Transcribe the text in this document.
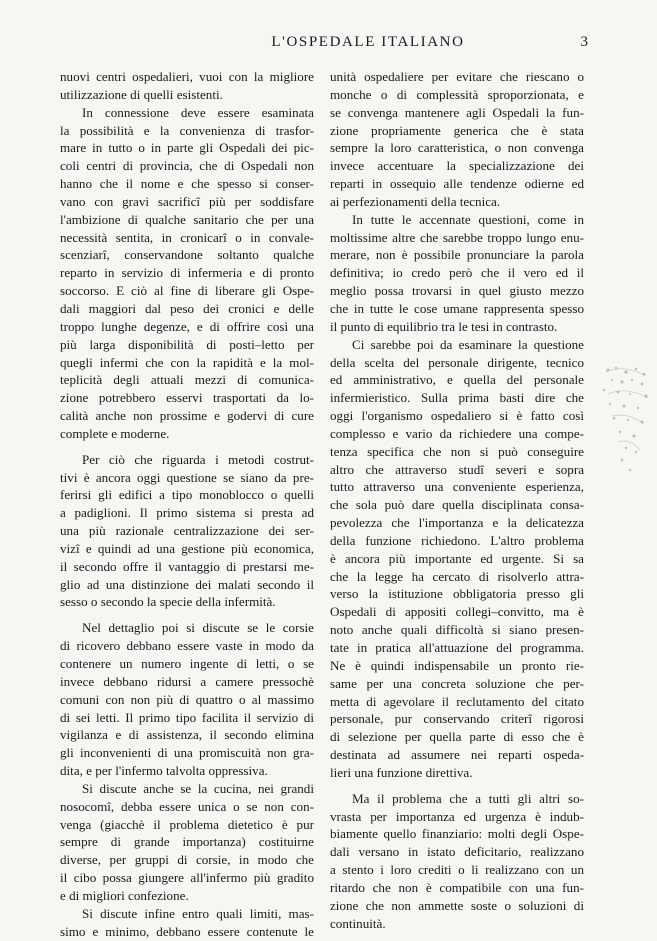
L'OSPEDALE ITALIANO	3
nuovi centri ospedalieri, vuoi con la migliore
utilizzazione di quelli esistenti.
In connessione deve essere esaminata
la possibilità e la convenienza di trasfor-
mare in tutto o in parte gli Ospedali dei pic-
coli centri di provincia, che di Ospedali non
hanno che il nome e che spesso si conser-
vano con gravi sacrificî più per soddisfare
l'ambizione di qualche sanitario che per una
necessità sentita, in cronicarî o in convale-
scenziarî, conservandone soltanto qualche
reparto in servizio di infermeria e di pronto
soccorso. E ciò al fine di liberare gli Ospe-
dali maggiori dal peso dei cronici e delle
troppo lunghe degenze, e di offrire così una
più larga disponibilità di posti–letto per
quegli infermi che con la rapidità e la mol-
teplicità degli attuali mezzi di comunica-
zione potrebbero esservi trasportati da lo-
calità anche non prossime e godervi di cure
complete e moderne.
Per ciò che riguarda i metodi costrut-
tivi è ancora oggi questione se siano da pre-
ferirsi gli edifici a tipo monoblocco o quelli
a padiglioni. Il primo sistema si presta ad
una più razionale centralizzazione dei ser-
vizî e quindi ad una gestione più economica,
il secondo offre il vantaggio di prestarsi me-
glio ad una distinzione dei malati secondo il
sesso o secondo la specie della infermità.
Nel dettaglio poi si discute se le corsie
di ricovero debbano essere vaste in modo da
contenere un numero ingente di letti, o se
invece debbano ridursi a camere pressochè
comuni con non più di quattro o al massimo
di sei letti. Il primo tipo facilita il servizio di
vigilanza e di assistenza, il secondo elimina
gli inconvenienti di una promiscuità non gra-
dita, e per l'infermo talvolta oppressiva.
Si discute anche se la cucina, nei grandi
nosocomî, debba essere unica o se non con-
venga (giacchè il problema dietetico è pur
sempre di grande importanza) costituirne
diverse, per gruppi di corsie, in modo che
il cibo possa giungere all'infermo più gradito
e di migliori confezione.
Si discute infine entro quali limiti, mas-
simo e minimo, debbano essere contenute le
unità ospedaliere per evitare che riescano o
monche o di complessità sproporzionata, e
se convenga mantenere agli Ospedali la fun-
zione propriamente generica che è stata
sempre la loro caratteristica, o non convenga
invece accentuare la specializzazione dei
reparti in ossequio alle tendenze odierne ed
ai perfezionamenti della tecnica.
In tutte le accennate questioni, come in
moltissime altre che sarebbe troppo lungo enu-
merare, non è possibile pronunciare la parola
definitiva; io credo però che il vero ed il
meglio possa trovarsi in quel giusto mezzo
che in tutte le cose umane rappresenta spesso
il punto di equilibrio tra le tesi in contrasto.
Ci sarebbe poi da esaminare la questione
della scelta del personale dirigente, tecnico
ed amministrativo, e quella del personale
infermieristico. Sulla prima basti dire che
oggi l'organismo ospedaliero si è fatto così
complesso e vario da richiedere una compe-
tenza specifica che non si può conseguire
altro che attraverso studî severi e sopra
tutto attraverso una conveniente esperienza,
che sola può dare quella disciplinata consa-
pevolezza che l'importanza e la delicatezza
della funzione richiedono. L'altro problema
è ancora più importante ed urgente. Si sa
che la legge ha cercato di risolverlo attra-
verso la istituzione obbligatoria presso gli
Ospedali di appositi collegi–convitto, ma è
noto anche quali difficoltà si siano presen-
tate in pratica all'attuazione del programma.
Ne è quindi indispensabile un pronto rie-
same per una concreta soluzione che per-
metta di agevolare il reclutamento del citato
personale, pur conservando criterî rigorosi
di selezione per quella parte di esso che è
destinata ad assumere nei reparti ospeda-
lieri una funzione direttiva.
Ma il problema che a tutti gli altri so-
vrasta per importanza ed urgenza è indub-
biamente quello finanziario: molti degli Ospe-
dali versano in istato deficitario, realizzano
a stento i loro crediti o li realizzano con un
ritardo che non è compatibile con una fun-
zione che non ammette soste o soluzioni di
continuità.
